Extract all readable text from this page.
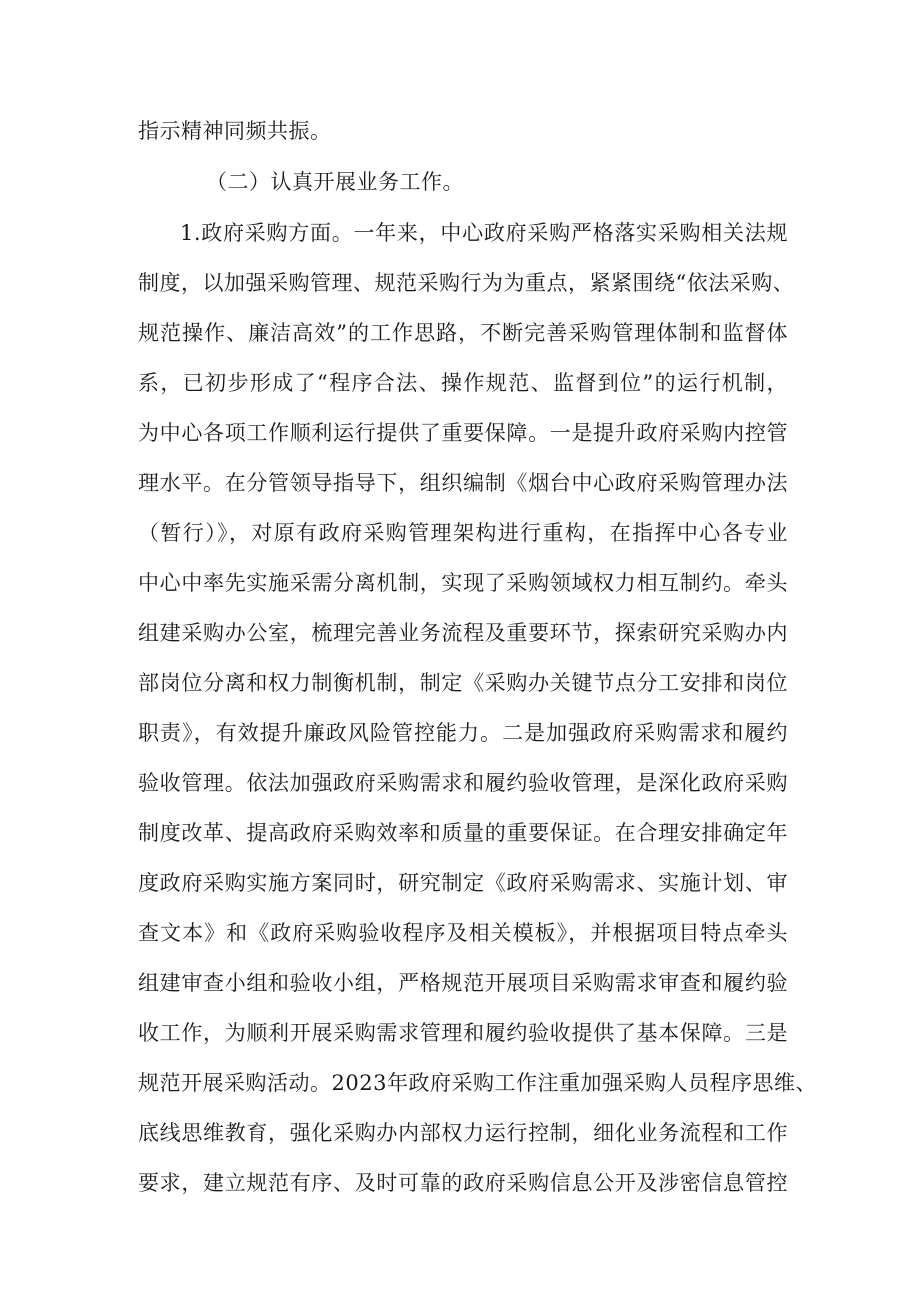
指示精神同频共振。
（二）认真开展业务工作。
1.政府采购方面。一年来，中心政府采购严格落实采购相关法规
制度，以加强采购管理、规范采购行为为重点，紧紧围绕“依法采购、
规范操作、廉洁高效”的工作思路，不断完善采购管理体制和监督体
系，已初步形成了“程序合法、操作规范、监督到位”的运行机制，
为中心各项工作顺利运行提供了重要保障。一是提升政府采购内控管
理水平。在分管领导指导下，组织编制《烟台中心政府采购管理办法
（暂行）》，对原有政府采购管理架构进行重构，在指挥中心各专业
中心中率先实施采需分离机制，实现了采购领域权力相互制约。牵头
组建采购办公室，梳理完善业务流程及重要环节，探索研究采购办内
部岗位分离和权力制衡机制，制定《采购办关键节点分工安排和岗位
职责》，有效提升廉政风险管控能力。二是加强政府采购需求和履约
验收管理。依法加强政府采购需求和履约验收管理，是深化政府采购
制度改革、提高政府采购效率和质量的重要保证。在合理安排确定年
度政府采购实施方案同时，研究制定《政府采购需求、实施计划、审
查文本》和《政府采购验收程序及相关模板》，并根据项目特点牵头
组建审查小组和验收小组，严格规范开展项目采购需求审查和履约验
收工作，为顺利开展采购需求管理和履约验收提供了基本保障。三是
规范开展采购活动。2023年政府采购工作注重加强采购人员程序思维、
底线思维教育，强化采购办内部权力运行控制，细化业务流程和工作
要求，建立规范有序、及时可靠的政府采购信息公开及涉密信息管控
